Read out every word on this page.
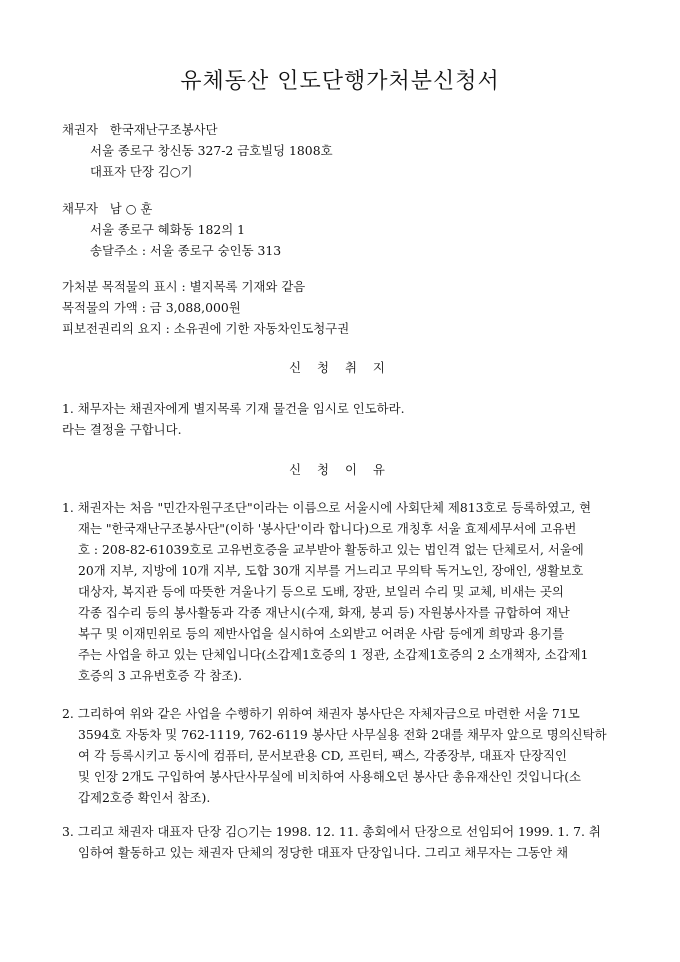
유체동산 인도단행가처분신청서
채권자 한국재난구조봉사단
서울 종로구 창신동 327-2 금호빌딩 1808호
대표자 단장 김○기
채무자 남 ○ 훈
서울 종로구 혜화동 182의 1
송달주소 : 서울 종로구 숭인동 313
가처분 목적물의 표시 : 별지목록 기재와 같음
목적물의 가액 : 금 3,088,000원
피보전권리의 요지 : 소유권에 기한 자동차인도청구권
신 청 취 지
1. 채무자는 채권자에게 별지목록 기재 물건을 임시로 인도하라.
라는 결정을 구합니다.
신 청 이 유
1. 채권자는 처음 "민간자원구조단"이라는 이름으로 서울시에 사회단체 제813호로 등록하였고, 현
재는 "한국재난구조봉사단"(이하 '봉사단'이라 합니다)으로 개칭후 서울 효제세무서에 고유번
호 : 208-82-61039호로 고유번호증을 교부받아 활동하고 있는 법인격 없는 단체로서, 서울에
20개 지부, 지방에 10개 지부, 도합 30개 지부를 거느리고 무의탁 독거노인, 장애인, 생활보호
대상자, 복지관 등에 따뜻한 겨울나기 등으로 도배, 장판, 보일러 수리 및 교체, 비새는 곳의
각종 집수리 등의 봉사활동과 각종 재난시(수재, 화재, 붕괴 등) 자원봉사자를 규합하여 재난
복구 및 이재민위로 등의 제반사업을 실시하여 소외받고 어려운 사람 등에게 희망과 용기를
주는 사업을 하고 있는 단체입니다(소갑제1호증의 1 정관, 소갑제1호증의 2 소개책자, 소갑제1
호증의 3 고유번호증 각 참조).
2. 그리하여 위와 같은 사업을 수행하기 위하여 채권자 봉사단은 자체자금으로 마련한 서울 71모
3594호 자동차 및 762-1119, 762-6119 봉사단 사무실용 전화 2대를 채무자 앞으로 명의신탁하
여 각 등록시키고 동시에 컴퓨터, 문서보관용 CD, 프린터, 팩스, 각종장부, 대표자 단장직인
및 인장 2개도 구입하여 봉사단사무실에 비치하여 사용해오던 봉사단 총유재산인 것입니다(소
갑제2호증 확인서 참조).
3. 그리고 채권자 대표자 단장 김○기는 1998. 12. 11. 총회에서 단장으로 선임되어 1999. 1. 7. 취
임하여 활동하고 있는 채권자 단체의 정당한 대표자 단장입니다. 그리고 채무자는 그동안 채
